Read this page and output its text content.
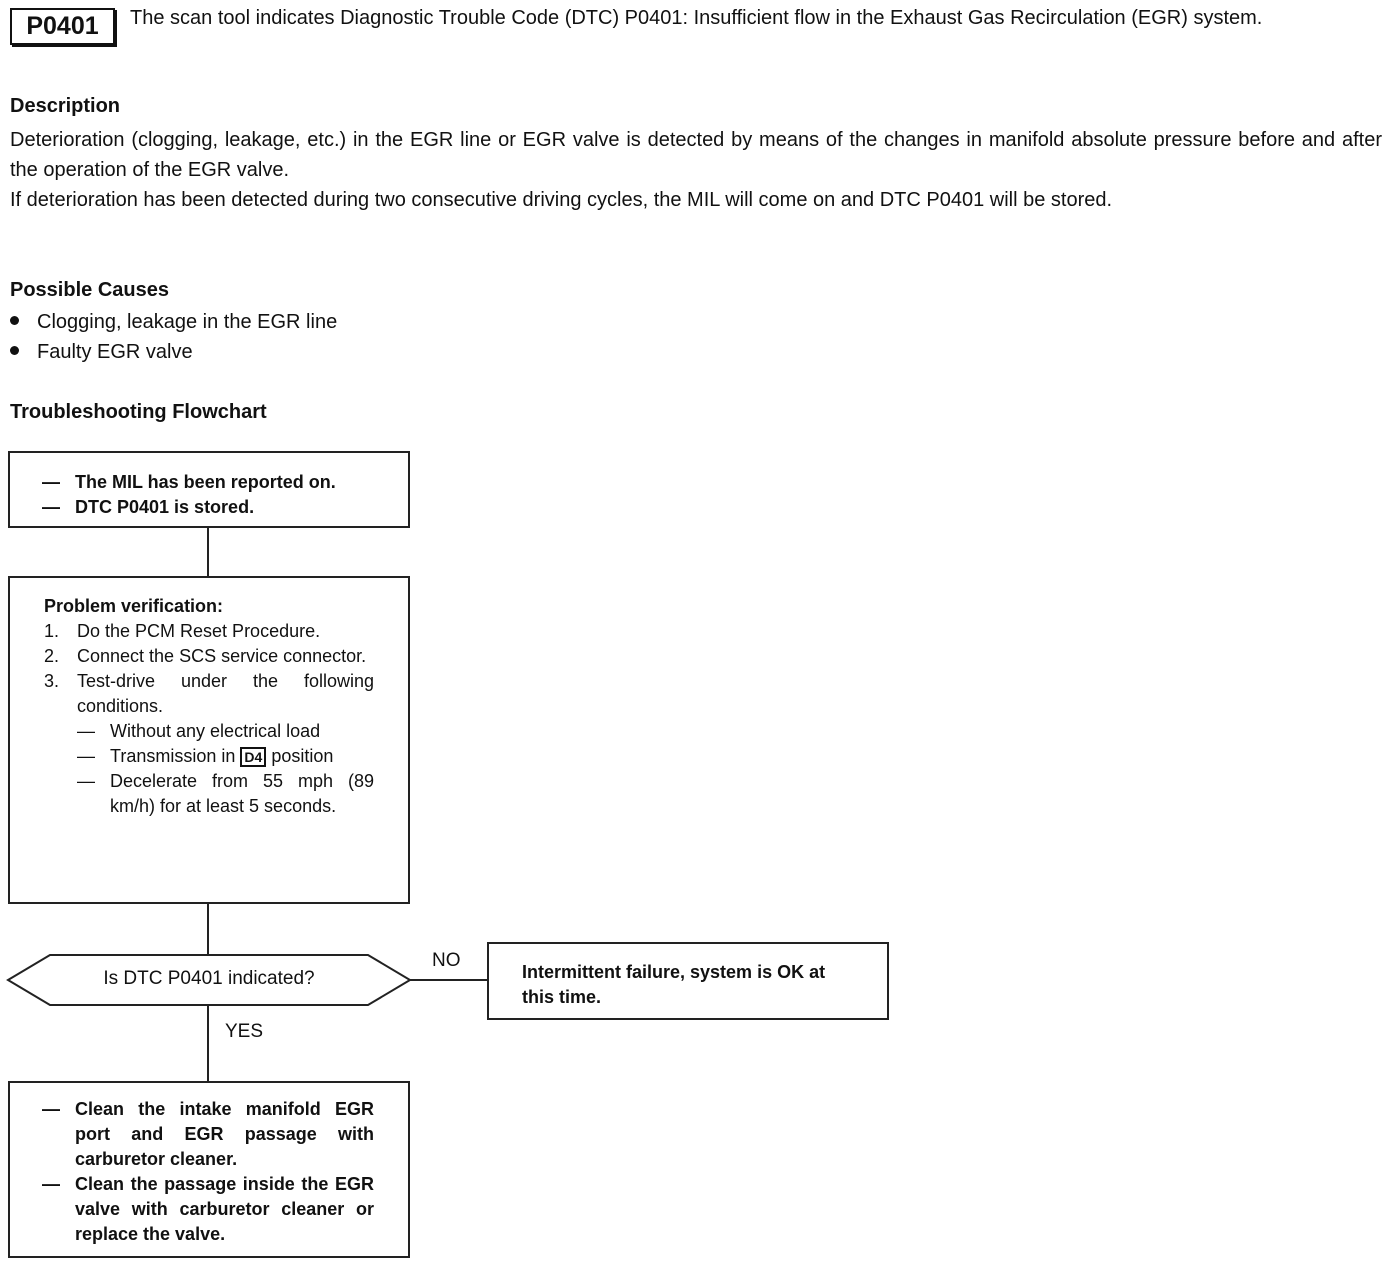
P0401	The scan tool indicates Diagnostic Trouble Code (DTC) P0401: Insufficient flow in the Exhaust Gas Recirculation (EGR) system.
Description

Deterioration (clogging, leakage, etc.) in the EGR line or EGR valve is detected by means of the changes in manifold absolute pressure before and after the operation of the EGR valve.

If deterioration has been detected during two consecutive driving cycles, the MIL will come on and DTC P0401 will be stored.

Possible Causes
Clogging, leakage in the EGR line
Faulty EGR valve
Troubleshooting Flowchart
— The MIL has been reported on.
— DTC P0401 is stored.
Problem verification:
1. Do the PCM Reset Procedure.
2. Connect the SCS service connector.
3. Test-drive under the following conditions.
— Without any electrical load
— Transmission in D4 position
— Decelerate from 55 mph (89 km/h) for at least 5 seconds.
Is DTC P0401 indicated?
NO
Intermittent failure, system is OK at this time.
YES
— Clean the intake manifold EGR port and EGR passage with carburetor cleaner.
— Clean the passage inside the EGR valve with carburetor cleaner or replace the valve.
